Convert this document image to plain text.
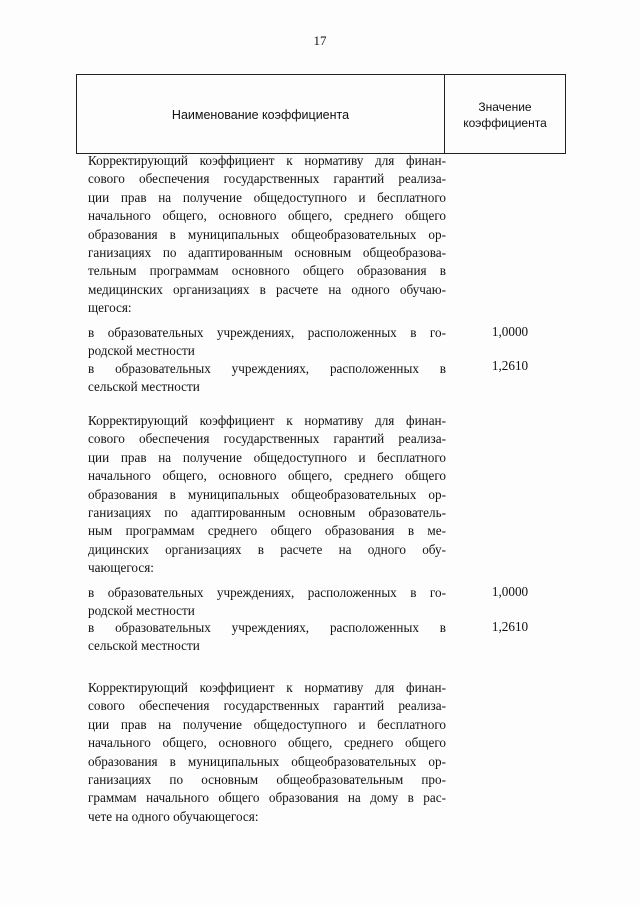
17
Наименование коэффициента
Значение
коэффициента
Корректирующий коэффициент к нормативу для финан-
сового обеспечения государственных гарантий реализа-
ции прав на получение общедоступного и бесплатного
начального общего, основного общего, среднего общего
образования в муниципальных общеобразовательных ор-
ганизациях по адаптированным основным общеобразова-
тельным программам основного общего образования в
медицинских организациях в расчете на одного обучаю-
щегося:
в образовательных учреждениях, расположенных в го-
родской местности
1,0000
в образовательных учреждениях, расположенных в
сельской местности
1,2610
Корректирующий коэффициент к нормативу для финан-
сового обеспечения государственных гарантий реализа-
ции прав на получение общедоступного и бесплатного
начального общего, основного общего, среднего общего
образования в муниципальных общеобразовательных ор-
ганизациях по адаптированным основным образователь-
ным программам среднего общего образования в ме-
дицинских организациях в расчете на одного обу-
чающегося:
в образовательных учреждениях, расположенных в го-
родской местности
1,0000
в образовательных учреждениях, расположенных в
сельской местности
1,2610
Корректирующий коэффициент к нормативу для финан-
сового обеспечения государственных гарантий реализа-
ции прав на получение общедоступного и бесплатного
начального общего, основного общего, среднего общего
образования в муниципальных общеобразовательных ор-
ганизациях по основным общеобразовательным про-
граммам начального общего образования на дому в рас-
чете на одного обучающегося:
